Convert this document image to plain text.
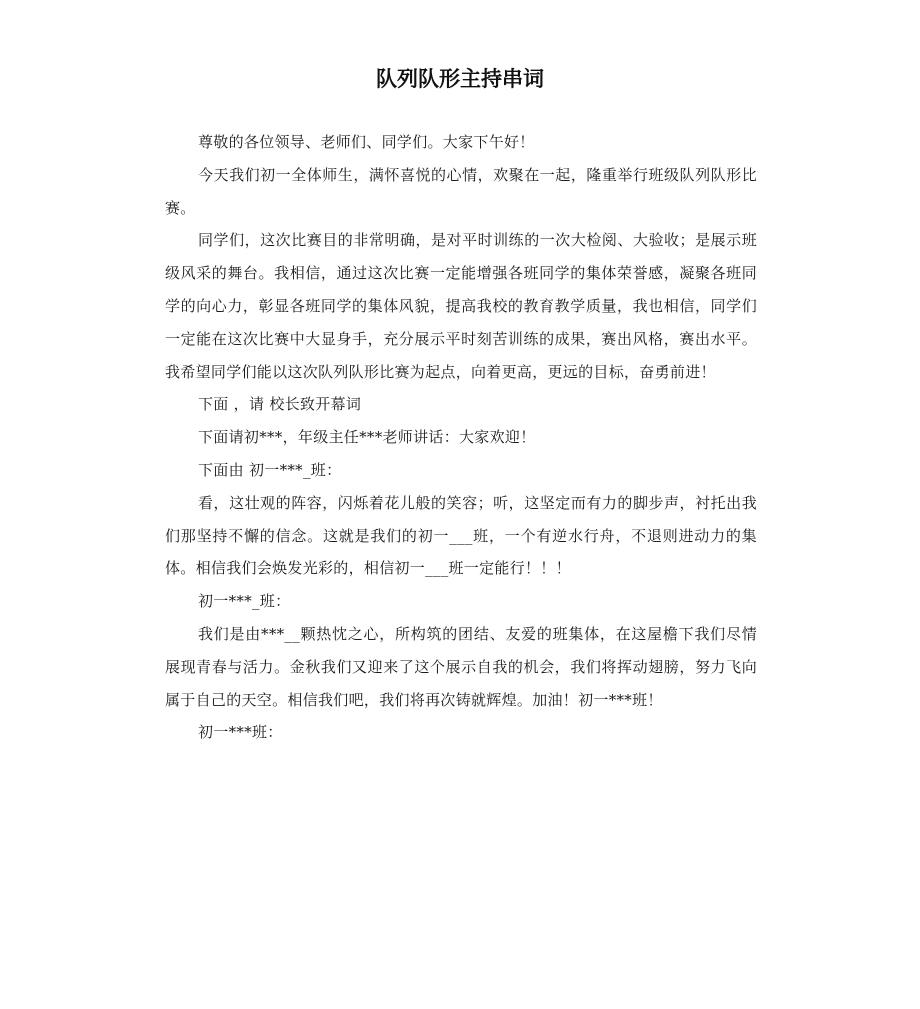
队列队形主持串词

尊敬的各位领导、老师们、同学们。大家下午好！

今天我们初一全体师生，满怀喜悦的心情，欢聚在一起，隆重举行班级队列队形比赛。

同学们，这次比赛目的非常明确，是对平时训练的一次大检阅、大验收；是展示班级风采的舞台。我相信，通过这次比赛一定能增强各班同学的集体荣誉感，凝聚各班同学的向心力，彰显各班同学的集体风貌，提高我校的教育教学质量，我也相信，同学们一定能在这次比赛中大显身手，充分展示平时刻苦训练的成果，赛出风格，赛出水平。我希望同学们能以这次队列队形比赛为起点，向着更高，更远的目标，奋勇前进！

下面 ，请 校长致开幕词

下面请初***，年级主任***老师讲话：大家欢迎！

下面由 初一***_班：

看，这壮观的阵容，闪烁着花儿般的笑容；听，这坚定而有力的脚步声，衬托出我们那坚持不懈的信念。这就是我们的初一___班，一个有逆水行舟，不退则进动力的集体。相信我们会焕发光彩的，相信初一___班一定能行！！！

初一***_班：

我们是由***__颗热忱之心，所构筑的团结、友爱的班集体，在这屋檐下我们尽情展现青春与活力。金秋我们又迎来了这个展示自我的机会，我们将挥动翅膀，努力飞向属于自己的天空。相信我们吧，我们将再次铸就辉煌。加油！初一***班！

初一***班：
